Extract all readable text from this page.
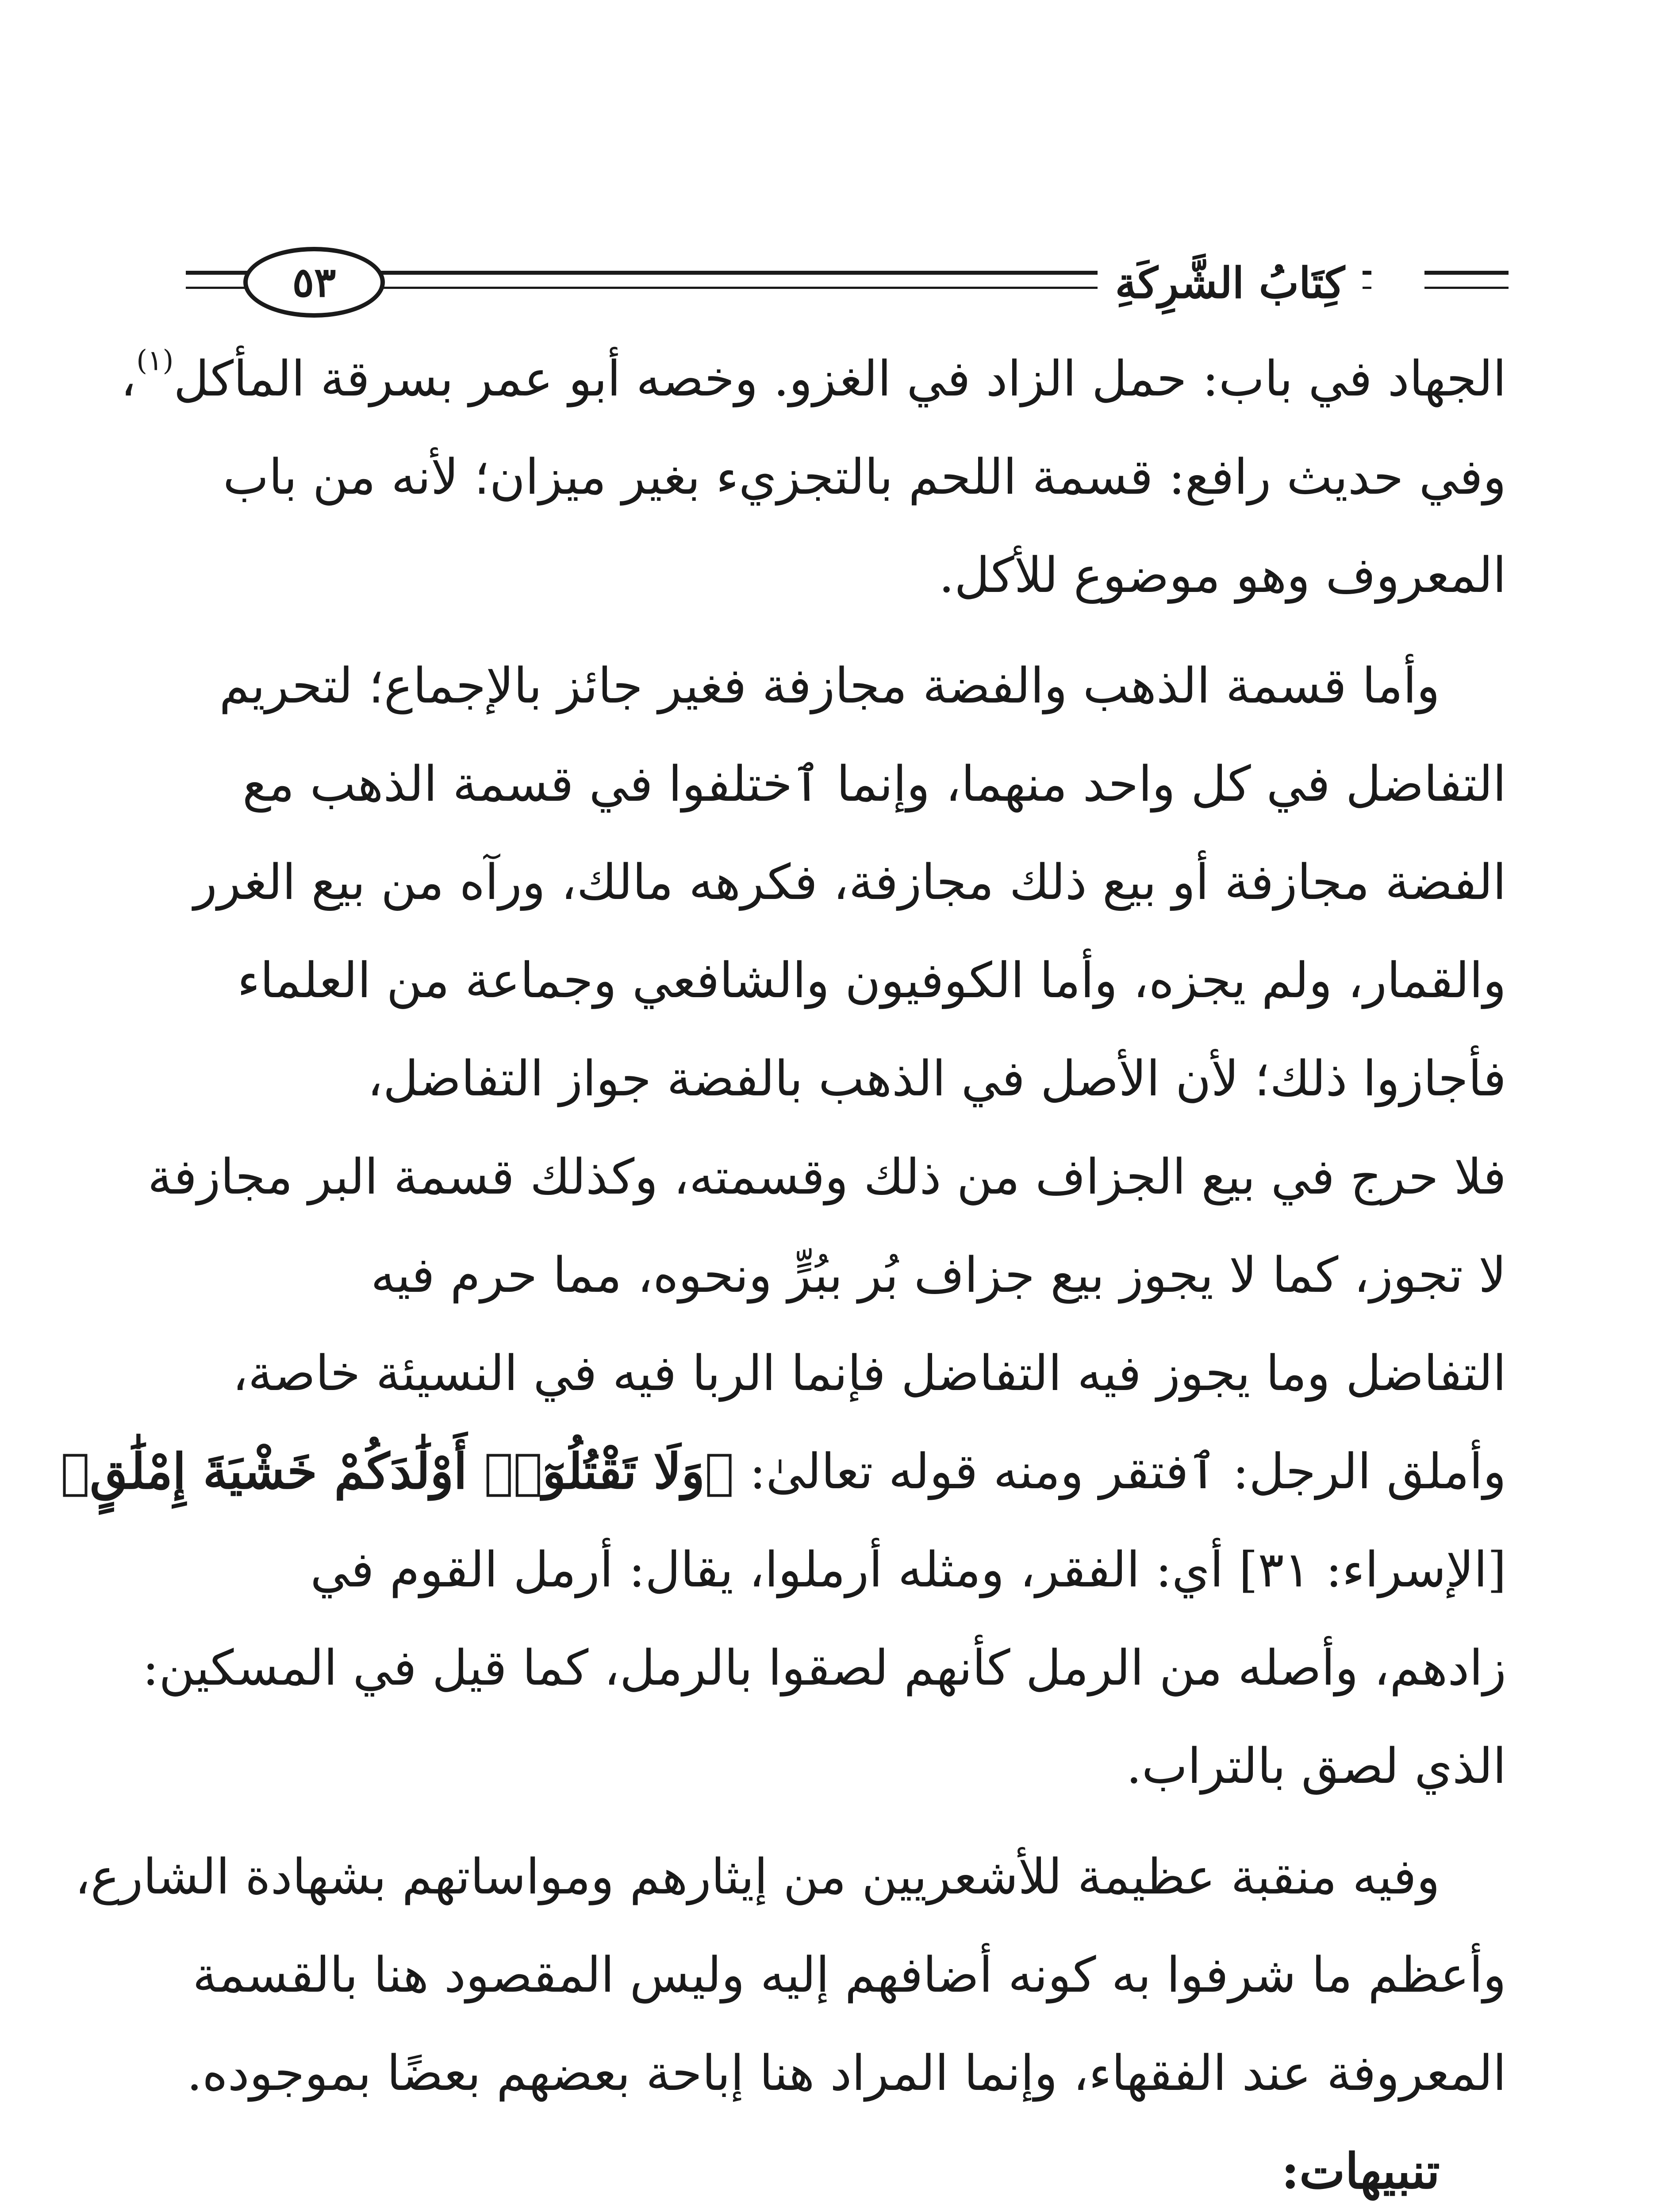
٥٣	كِتَابُ الشَّرِكَةِ
الجهاد في باب: حمل الزاد في الغزو. وخصه أبو عمر بسرقة المأكل$^{(١)}$،
وفي حديث رافع: قسمة اللحم بالتجزيء بغير ميزان؛ لأنه من باب
المعروف وهو موضوع للأكل.
وأما قسمة الذهب والفضة مجازفة فغير جائز بالإجماع؛ لتحريم
التفاضل في كل واحد منهما، وإنما ٱختلفوا في قسمة الذهب مع
الفضة مجازفة أو بيع ذلك مجازفة، فكرهه مالك، ورآه من بيع الغرر
والقمار، ولم يجزه، وأما الكوفيون والشافعي وجماعة من العلماء
فأجازوا ذلك؛ لأن الأصل في الذهب بالفضة جواز التفاضل،
فلا حرج في بيع الجزاف من ذلك وقسمته، وكذلك قسمة البر مجازفة
لا تجوز، كما لا يجوز بيع جزاف بُر ببُرٍّ ونحوه، مما حرم فيه
التفاضل وما يجوز فيه التفاضل فإنما الربا فيه في النسيئة خاصة،
وأملق الرجل: ٱفتقر ومنه قوله تعالىٰ: ﴿وَلَا تَقْتُلُوٓا۟ أَوْلَٰدَكُمْ خَشْيَةَ إِمْلَٰقٍ﴾
[الإسراء: ٣١] أي: الفقر، ومثله أرملوا، يقال: أرمل القوم في
زادهم، وأصله من الرمل كأنهم لصقوا بالرمل، كما قيل في المسكين:
الذي لصق بالتراب.
وفيه منقبة عظيمة للأشعريين من إيثارهم ومواساتهم بشهادة الشارع،
وأعظم ما شرفوا به كونه أضافهم إليه وليس المقصود هنا بالقسمة
المعروفة عند الفقهاء، وإنما المراد هنا إباحة بعضهم بعضًا بموجوده.
تنبيهات:
